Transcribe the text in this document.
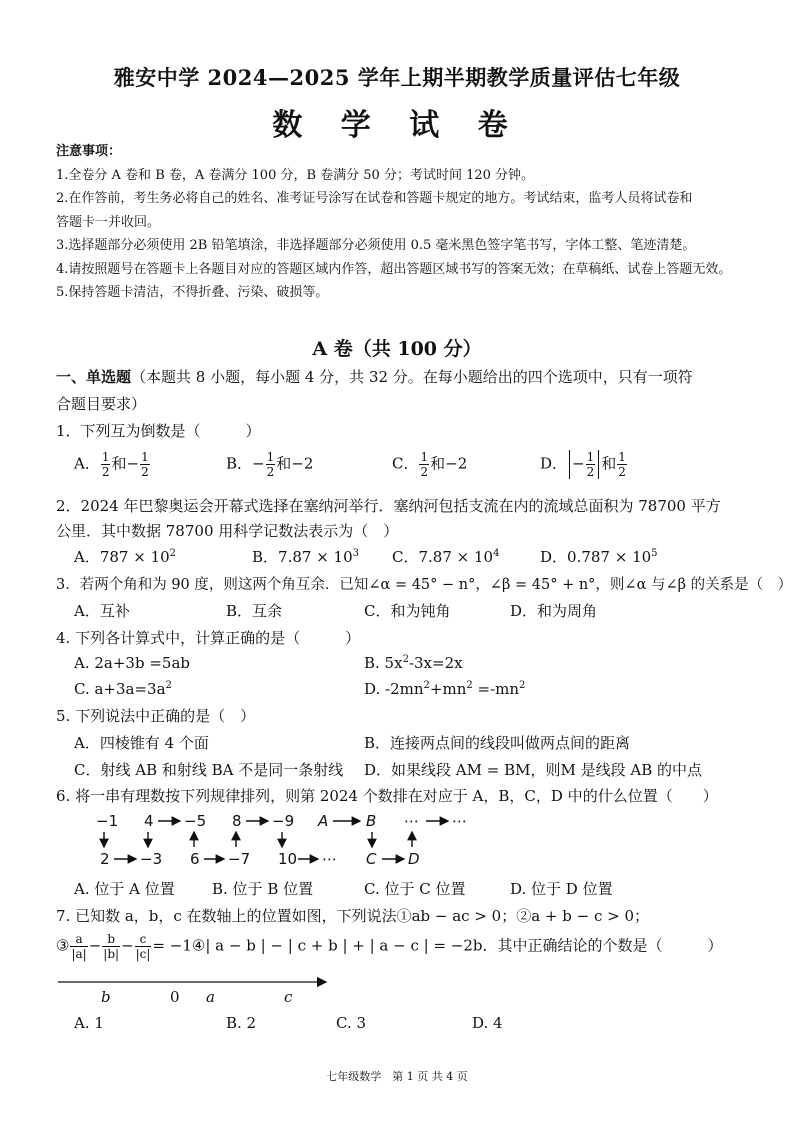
雅安中学 2024—2025 学年上期半期教学质量评估七年级
数 学 试 卷
注意事项：
1.全卷分 A 卷和 B 卷，A 卷满分 100 分，B 卷满分 50 分；考试时间 120 分钟。
2.在作答前，考生务必将自己的姓名、准考证号涂写在试卷和答题卡规定的地方。考试结束，监考人员将试卷和
答题卡一并收回。
3.选择题部分必须使用 2B 铅笔填涂，非选择题部分必须使用 0.5 毫米黑色签字笔书写，字体工整、笔迹清楚。
4.请按照题号在答题卡上各题目对应的答题区域内作答，超出答题区域书写的答案无效；在草稿纸、试卷上答题无效。
5.保持答题卡清洁，不得折叠、污染、破损等。
A 卷（共 100 分）
一、单选题（本题共 8 小题，每小题 4 分，共 32 分。在每小题给出的四个选项中，只有一项符
合题目要求）
1．下列互为倒数是（　　　）
A． $\frac{1}{2}$ 和− $\frac{1}{2}$	B．− $\frac{1}{2}$ 和−2	C． $\frac{1}{2}$ 和−2	D． − $\frac{1}{2}$ 和 $\frac{1}{2}$
2．2024 年巴黎奥运会开幕式选择在塞纳河举行．塞纳河包括支流在内的流域总面积为 78700 平方
公里．其中数据 78700 用科学记数法表示为（　）
A．$787 \times 10^2$	B．$7.87 \times 10^3$ C．$7.87 \times 10^4$	D．$0.787 \times 10^5$
3．若两个角和为 90 度，则这两个角互余．已知∠α = 45° − n°，∠β = 45° + n°，则∠α 与∠β 的关系是（　）
A．互补	B．互余	C．和为钝角	D．和为周角
4. 下列各计算式中，计算正确的是（　　　）
A. 2a+3b =5ab	B. $5x^2-3x=2x$
C. $a+3a=3a^2$	D. $-2mn^2+mn^2 =-mn^2$
5. 下列说法中正确的是（　）
A．四棱锥有 4 个面	B．连接两点间的线段叫做两点间的距离
C．射线 AB 和射线 BA 不是同一条射线 D．如果线段 AM = BM，则M 是线段 AB 的中点
6. 将一串有理数按下列规律排列，则第 2024 个数排在对应于 A，B，C，D 中的什么位置（　　）
−1 4 −5 8 −9 A	B ⋯ ⋯
2 −3 6 −7 10 ⋯ C D
A. 位于 A 位置 B. 位于 B 位置	C. 位于 C 位置	D. 位于 D 位置
7. 已知数 a，b，c 在数轴上的位置如图，下列说法①ab − ac > 0；②a + b − c > 0；
③ $\frac{a}{|a|} - \frac{b}{|b|} - \frac{c}{|c|}$ = −1④| a − b | − | c + b | + | a − c | = −2b．其中正确结论的个数是（　　　）
b	0 a	c
A. 1	B. 2	C. 3	D. 4
七年级数学　第 1 页 共 4 页
